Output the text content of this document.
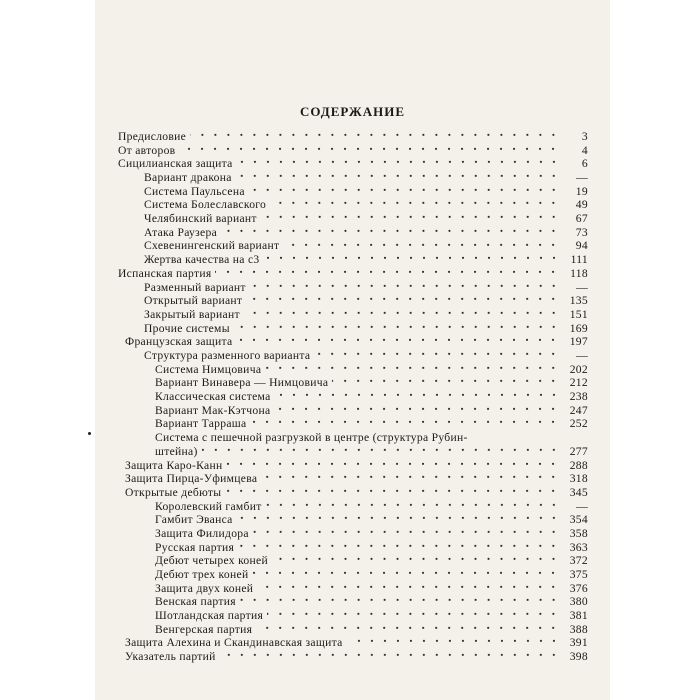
СОДЕРЖАНИЕ
Предисловие	3
От авторов	4
Сицилианская защита	6
Вариант дракона	—
Система Паульсена	19
Система Болеславского	49
Челябинский вариант	67
Атака Раузера	73
Схевенингенский вариант	94
Жертва качества на с3	111
Испанская партия	118
Разменный вариант	—
Открытый вариант	135
Закрытый вариант	151
Прочие системы	169
Французская защита	197
Структура разменного варианта	—
Система Нимцовича	202
Вариант Винавера — Нимцовича	212
Классическая система	238
Вариант Мак-Кэтчона	247
Вариант Тарраша	252
Система с пешечной разгрузкой в центре (структура Рубин-
штейна)	277
Защита Каро-Канн	288
Защита Пирца-Уфимцева	318
Открытые дебюты	345
Королевский гамбит	—
Гамбит Эванса	354
Защита Филидора	358
Русская партия	363
Дебют четырех коней	372
Дебют трех коней	375
Защита двух коней	376
Венская партия	380
Шотландская партия	381
Венгерская партия	388
Защита Алехина и Скандинавская защита	391
Указатель партий	398
